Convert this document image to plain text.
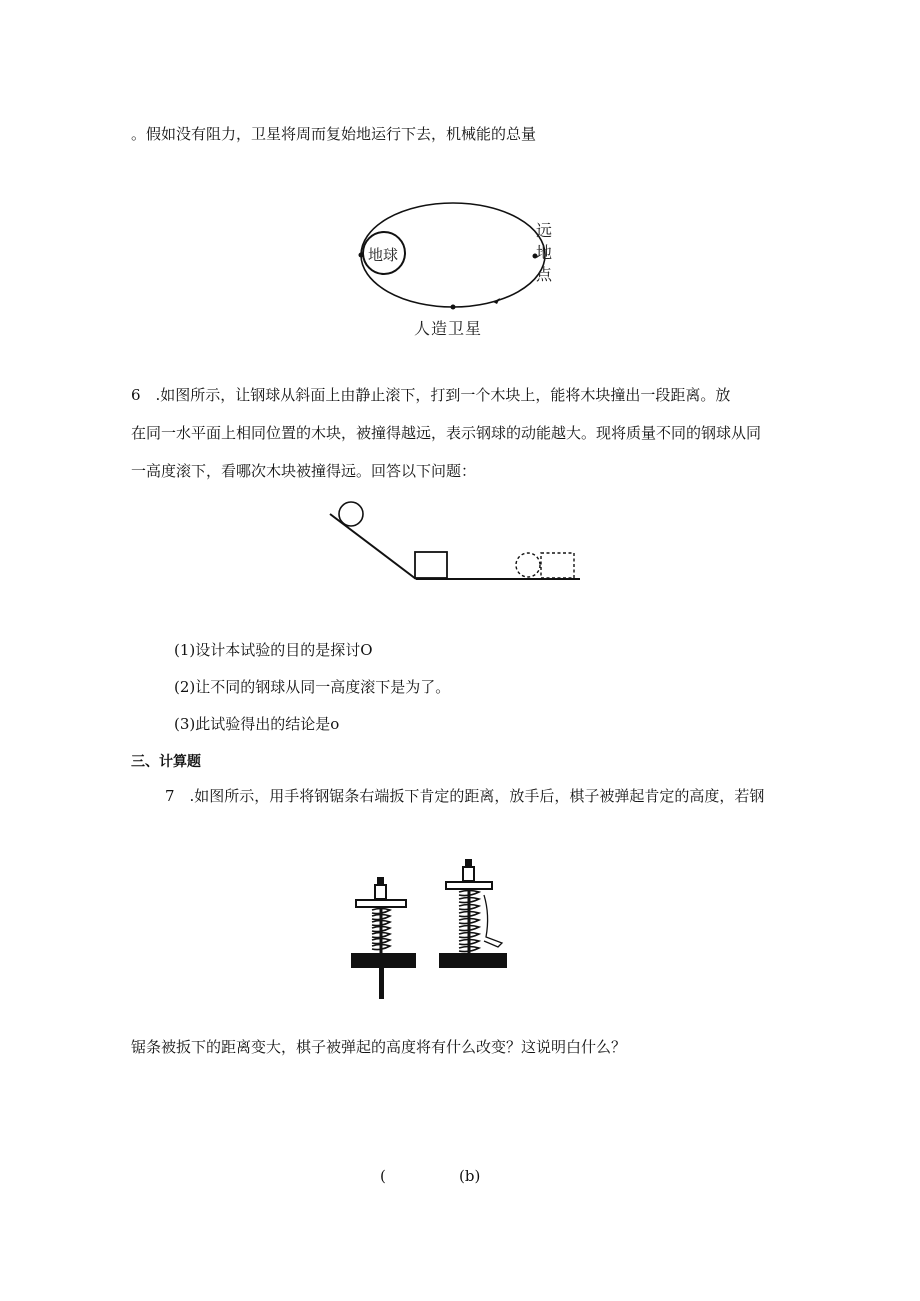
。假如没有阻力，卫星将周而复始地运行下去，机械能的总量
地球
远
地
点
人造卫星
6 .如图所示，让钢球从斜面上由静止滚下，打到一个木块上，能将木块撞出一段距离。放
在同一水平面上相同位置的木块，被撞得越远，表示钢球的动能越大。现将质量不同的钢球从同
一高度滚下，看哪次木块被撞得远。回答以下问题：
(1)设计本试验的目的是探讨O
(2)让不同的钢球从同一高度滚下是为了。
(3)此试验得出的结论是o
三、计算题
7 .如图所示，用手将钢锯条右端扳下肯定的距离，放手后，棋子被弹起肯定的高度，若钢
锯条被扳下的距离变大，棋子被弹起的高度将有什么改变？这说明白什么？
(	(b)
